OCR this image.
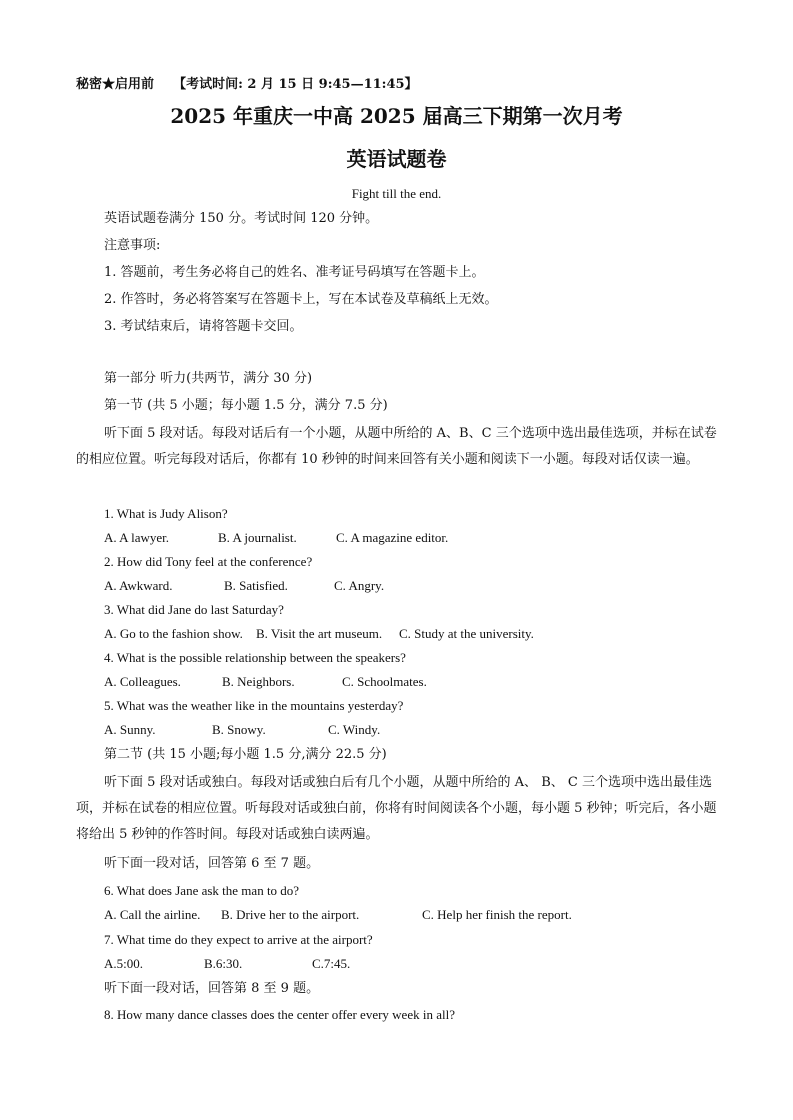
秘密★启用前 【考试时间: 2 月 15 日 9:45—11:45】
2025 年重庆一中高 2025 届高三下期第一次月考
英语试题卷
Fight till the end.
英语试题卷满分 150 分。考试时间 120 分钟。
注意事项:
1. 答题前，考生务必将自己的姓名、准考证号码填写在答题卡上。
2. 作答时，务必将答案写在答题卡上，写在本试卷及草稿纸上无效。
3. 考试结束后，请将答题卡交回。
第一部分 听力(共两节，满分 30 分)
第一节 (共 5 小题；每小题 1.5 分，满分 7.5 分)
听下面 5 段对话。每段对话后有一个小题，从题中所给的 A、B、C 三个选项中选出最佳选项，并标在试卷的相应位置。听完每段对话后，你都有 10 秒钟的时间来回答有关小题和阅读下一小题。每段对话仅读一遍。
1. What is Judy Alison?
A. A lawyer.	B. A journalist.	C. A magazine editor.
2. How did Tony feel at the conference?
A. Awkward.	B. Satisfied.	C. Angry.
3. What did Jane do last Saturday?
A. Go to the fashion show. B. Visit the art museum. C. Study at the university.
4. What is the possible relationship between the speakers?
A. Colleagues.	B. Neighbors.	C. Schoolmates.
5. What was the weather like in the mountains yesterday?
A. Sunny.	B. Snowy.	C. Windy.
第二节 (共 15 小题;每小题 1.5 分,满分 22.5 分)
听下面 5 段对话或独白。每段对话或独白后有几个小题，从题中所给的 A、 B、 C 三个选项中选出最佳选项，并标在试卷的相应位置。听每段对话或独白前，你将有时间阅读各个小题，每小题 5 秒钟；听完后，各小题将给出 5 秒钟的作答时间。每段对话或独白读两遍。
听下面一段对话，回答第 6 至 7 题。
6. What does Jane ask the man to do?
A. Call the airline. B. Drive her to the airport.	C. Help her finish the report.
7. What time do they expect to arrive at the airport?
A.5:00.	B.6:30.	C.7:45.
听下面一段对话，回答第 8 至 9 题。
8. How many dance classes does the center offer every week in all?
